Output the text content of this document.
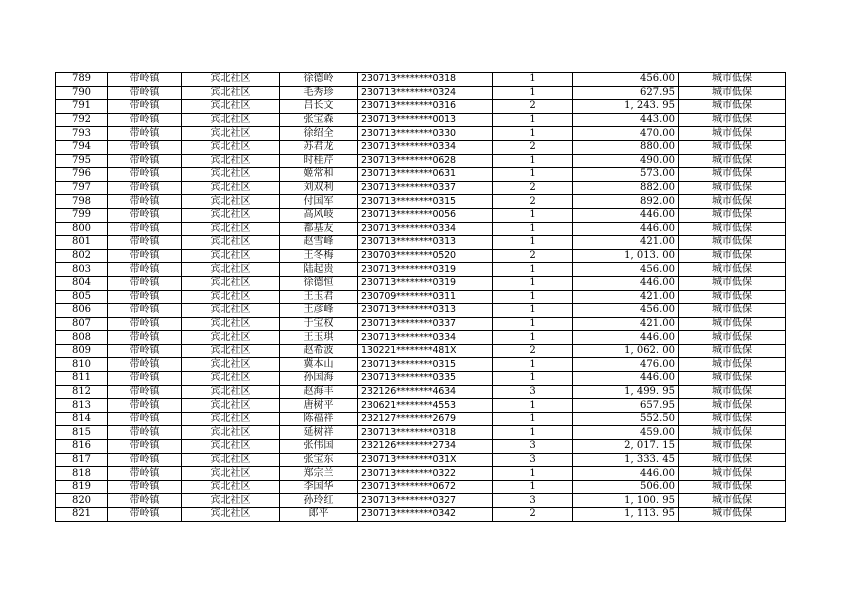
789	带岭镇	宾北社区	徐德岭	230713********0318	1	456.00	城市低保
790	带岭镇	宾北社区	毛秀珍	230713********0324	1	627.95	城市低保
791	带岭镇	宾北社区	吕长文	230713********0316	2	1, 243. 95	城市低保
792	带岭镇	宾北社区	张宝森	230713********0013	1	443.00	城市低保
793	带岭镇	宾北社区	徐绍全	230713********0330	1	470.00	城市低保
794	带岭镇	宾北社区	苏君龙	230713********0334	2	880.00	城市低保
795	带岭镇	宾北社区	时桂芹	230713********0628	1	490.00	城市低保
796	带岭镇	宾北社区	姬常和	230713********0631	1	573.00	城市低保
797	带岭镇	宾北社区	刘双利	230713********0337	2	882.00	城市低保
798	带岭镇	宾北社区	付国军	230713********0315	2	892.00	城市低保
799	带岭镇	宾北社区	高风岐	230713********0056	1	446.00	城市低保
800	带岭镇	宾北社区	都基友	230713********0334	1	446.00	城市低保
801	带岭镇	宾北社区	赵雪峰	230713********0313	1	421.00	城市低保
802	带岭镇	宾北社区	王冬梅	230703********0520	2	1, 013. 00	城市低保
803	带岭镇	宾北社区	陆起贵	230713********0319	1	456.00	城市低保
804	带岭镇	宾北社区	徐德恒	230713********0319	1	446.00	城市低保
805	带岭镇	宾北社区	王玉君	230709********0311	1	421.00	城市低保
806	带岭镇	宾北社区	王彦峰	230713********0313	1	456.00	城市低保
807	带岭镇	宾北社区	于宝权	230713********0337	1	421.00	城市低保
808	带岭镇	宾北社区	王玉琪	230713********0334	1	446.00	城市低保
809	带岭镇	宾北社区	赵希波	130221********481X	2	1, 062. 00	城市低保
810	带岭镇	宾北社区	冀本山	230713********0315	1	476.00	城市低保
811	带岭镇	宾北社区	孙国海	230713********0335	1	446.00	城市低保
812	带岭镇	宾北社区	赵海丰	232126********4634	3	1, 499. 95	城市低保
813	带岭镇	宾北社区	唐树平	230621********4553	1	657.95	城市低保
814	带岭镇	宾北社区	陈福祥	232127********2679	1	552.50	城市低保
815	带岭镇	宾北社区	延树祥	230713********0318	1	459.00	城市低保
816	带岭镇	宾北社区	张伟国	232126********2734	3	2, 017. 15	城市低保
817	带岭镇	宾北社区	张宝东	230713********031X	3	1, 333. 45	城市低保
818	带岭镇	宾北社区	郑宗兰	230713********0322	1	446.00	城市低保
819	带岭镇	宾北社区	李国华	230713********0672	1	506.00	城市低保
820	带岭镇	宾北社区	孙玲红	230713********0327	3	1, 100. 95	城市低保
821	带岭镇	宾北社区	郎平	230713********0342	2	1, 113. 95	城市低保
